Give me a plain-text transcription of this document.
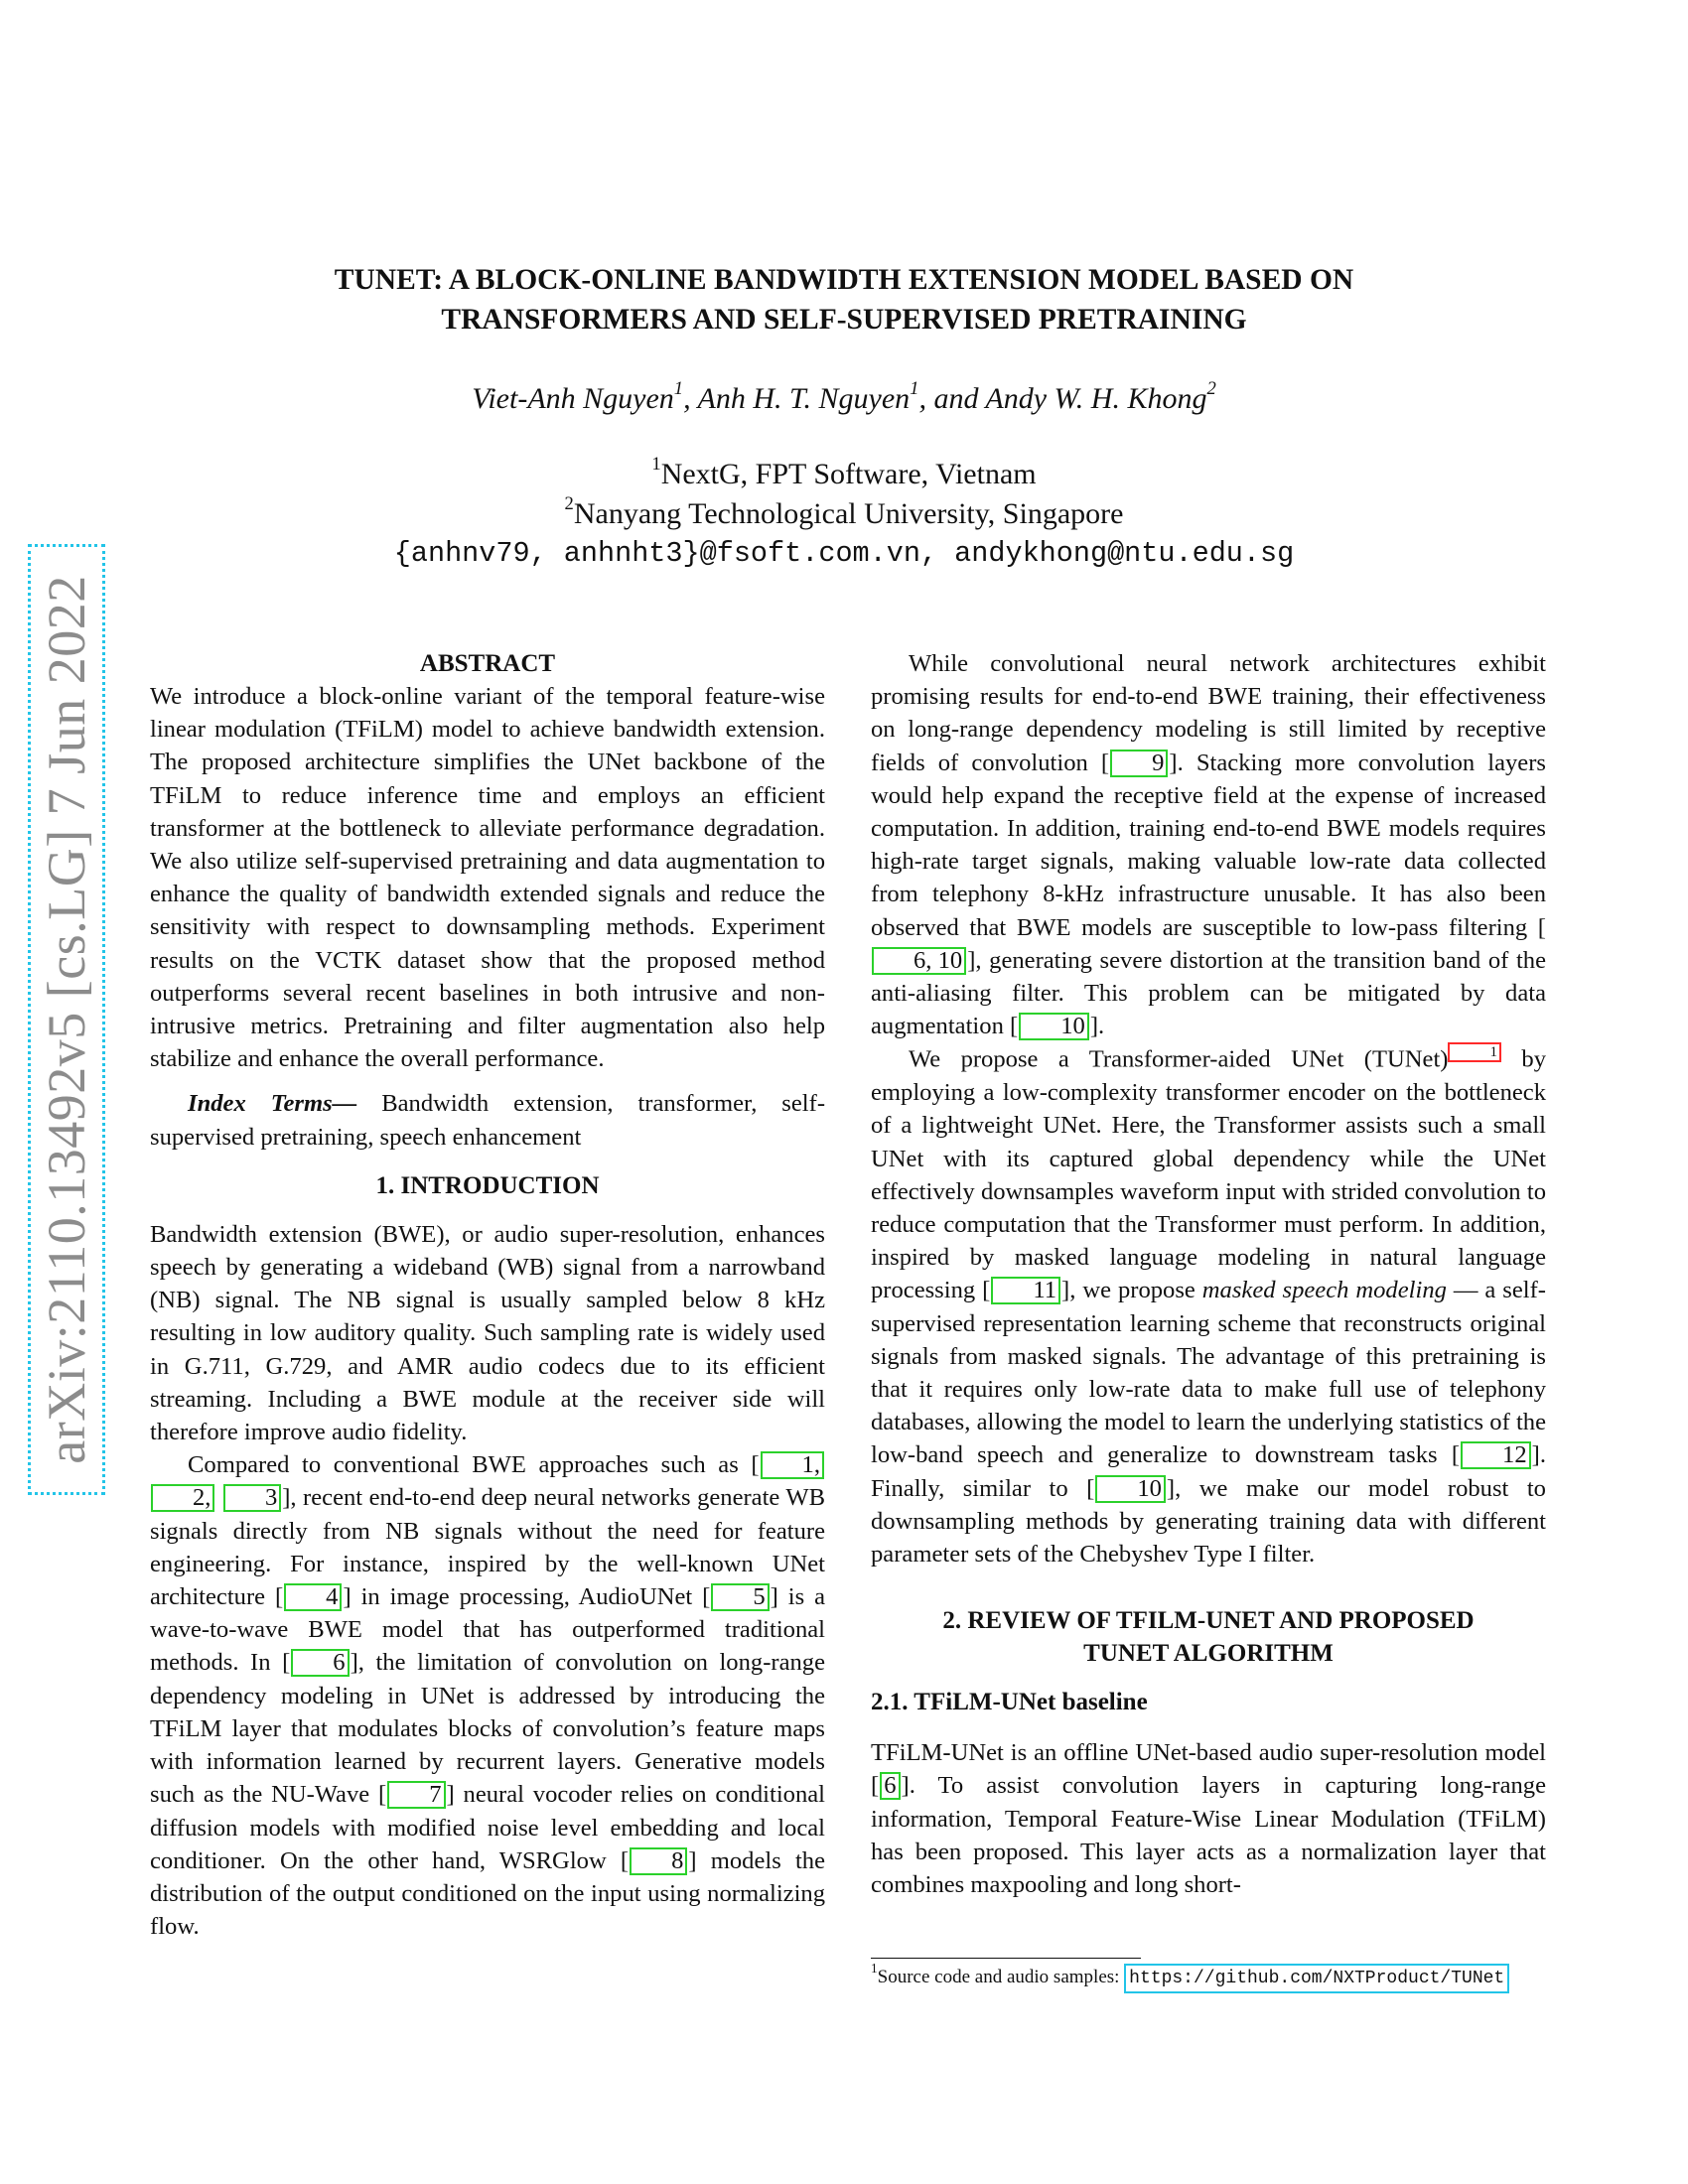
arXiv:2110.13492v5 [cs.LG] 7 Jun 2022
TUNET: A BLOCK-ONLINE BANDWIDTH EXTENSION MODEL BASED ON
TRANSFORMERS AND SELF-SUPERVISED PRETRAINING
Viet-Anh Nguyen$^1$, Anh H. T. Nguyen$^1$, and Andy W. H. Khong$^2$
$^1$NextG, FPT Software, Vietnam
$^2$Nanyang Technological University, Singapore
{anhnv79, anhnht3}@fsoft.com.vn, andykhong@ntu.edu.sg
ABSTRACT

We introduce a block-online variant of the temporal feature-wise linear modulation (TFiLM) model to achieve bandwidth extension. The proposed architecture simplifies the UNet backbone of the TFiLM to reduce inference time and employs an efficient transformer at the bottleneck to alleviate performance degradation. We also utilize self-supervised pretraining and data augmentation to enhance the quality of bandwidth extended signals and reduce the sensitivity with respect to downsampling methods. Experiment results on the VCTK dataset show that the proposed method outperforms several recent baselines in both intrusive and non-intrusive metrics. Pretraining and filter augmentation also help stabilize and enhance the overall performance.

Index Terms— Bandwidth extension, transformer, self-supervised pretraining, speech enhancement

1. INTRODUCTION

Bandwidth extension (BWE), or audio super-resolution, enhances speech by generating a wideband (WB) signal from a narrowband (NB) signal. The NB signal is usually sampled below 8 kHz resulting in low auditory quality. Such sampling rate is widely used in G.711, G.729, and AMR audio codecs due to its efficient streaming. Including a BWE module at the receiver side will therefore improve audio fidelity.

Compared to conventional BWE approaches such as [ 1, 2, 3 ], recent end-to-end deep neural networks generate WB signals directly from NB signals without the need for feature engineering. For instance, inspired by the well-known UNet architecture [ 4 ] in image processing, AudioUNet [ 5 ] is a wave-to-wave BWE model that has outperformed traditional methods. In [ 6 ], the limitation of convolution on long-range dependency modeling in UNet is addressed by introducing the TFiLM layer that modulates blocks of convolution’s feature maps with information learned by recurrent layers. Generative models such as the NU-Wave [ 7 ] neural vocoder relies on conditional diffusion models with modified noise level embedding and local conditioner. On the other hand, WSRGlow [ 8 ] models the distribution of the output conditioned on the input using normalizing flow.

While convolutional neural network architectures exhibit promising results for end-to-end BWE training, their effectiveness on long-range dependency modeling is still limited by receptive fields of convolution [ 9 ]. Stacking more convolution layers would help expand the receptive field at the expense of increased computation. In addition, training end-to-end BWE models requires high-rate target signals, making valuable low-rate data collected from telephony 8-kHz infrastructure unusable. It has also been observed that BWE models are susceptible to low-pass filtering [6, 10 ], generating severe distortion at the transition band of the anti-aliasing filter. This problem can be mitigated by data augmentation [ 10 ].

We propose a Transformer-aided UNet (TUNet)	1 by employing a low-complexity transformer encoder on the bottleneck of a lightweight UNet. Here, the Transformer assists such a small UNet with its captured global dependency while the UNet effectively downsamples waveform input with strided convolution to reduce computation that the Transformer must perform. In addition, inspired by masked language modeling in natural language processing [ 11 ], we propose masked speech modeling — a self-supervised representation learning scheme that reconstructs original signals from masked signals. The advantage of this pretraining is that it requires only low-rate data to make full use of telephony databases, allowing the model to learn the underlying statistics of the low-band speech and generalize to downstream tasks [ 12 ]. Finally, similar to [ 10 ], we make our model robust to downsampling methods by generating training data with different parameter sets of the Chebyshev Type I filter.

2. REVIEW OF TFILM-UNET AND PROPOSED
TUNET ALGORITHM
2.1. TFiLM-UNet baseline

TFiLM-UNet is an offline UNet-based audio super-resolution model [ 6 ]. To assist convolution layers in capturing long-range information, Temporal Feature-Wise Linear Modulation (TFiLM) has been proposed. This layer acts as a normalization layer that combines maxpooling and long short-

$^1$Source code and audio samples: https://github.com/NXTProduct/TUNet
